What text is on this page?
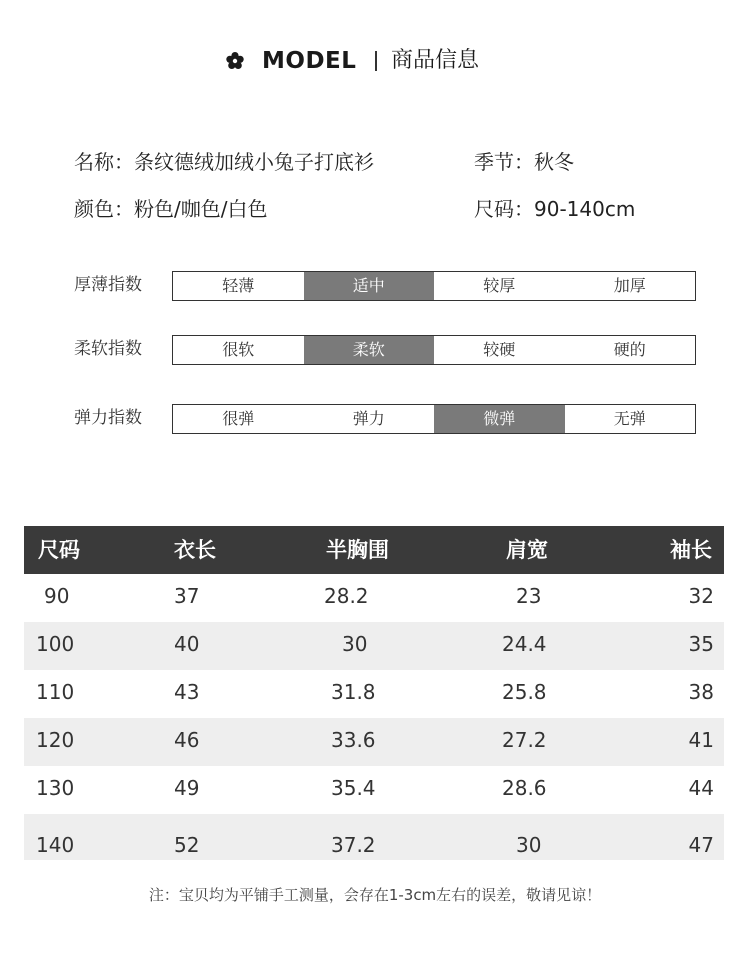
MODEL 商品信息
名称：条纹德绒加绒小兔子打底衫	季节：秋冬
颜色：粉色/咖色/白色	尺码：90-140cm
厚薄指数	轻薄	适中	较厚	加厚
柔软指数	很软	柔软	较硬	硬的
弹力指数	很弹	弹力	微弹	无弹
尺码	衣长	半胸围	肩宽	袖长
90	37	28.2	23	32
100	40	30	24.4	35
110	43	31.8	25.8	38
120	46	33.6	27.2	41
130	49	35.4	28.6	44
140	52	37.2	30	47
注：宝贝均为平铺手工测量，会存在1-3cm左右的误差，敬请见谅！
